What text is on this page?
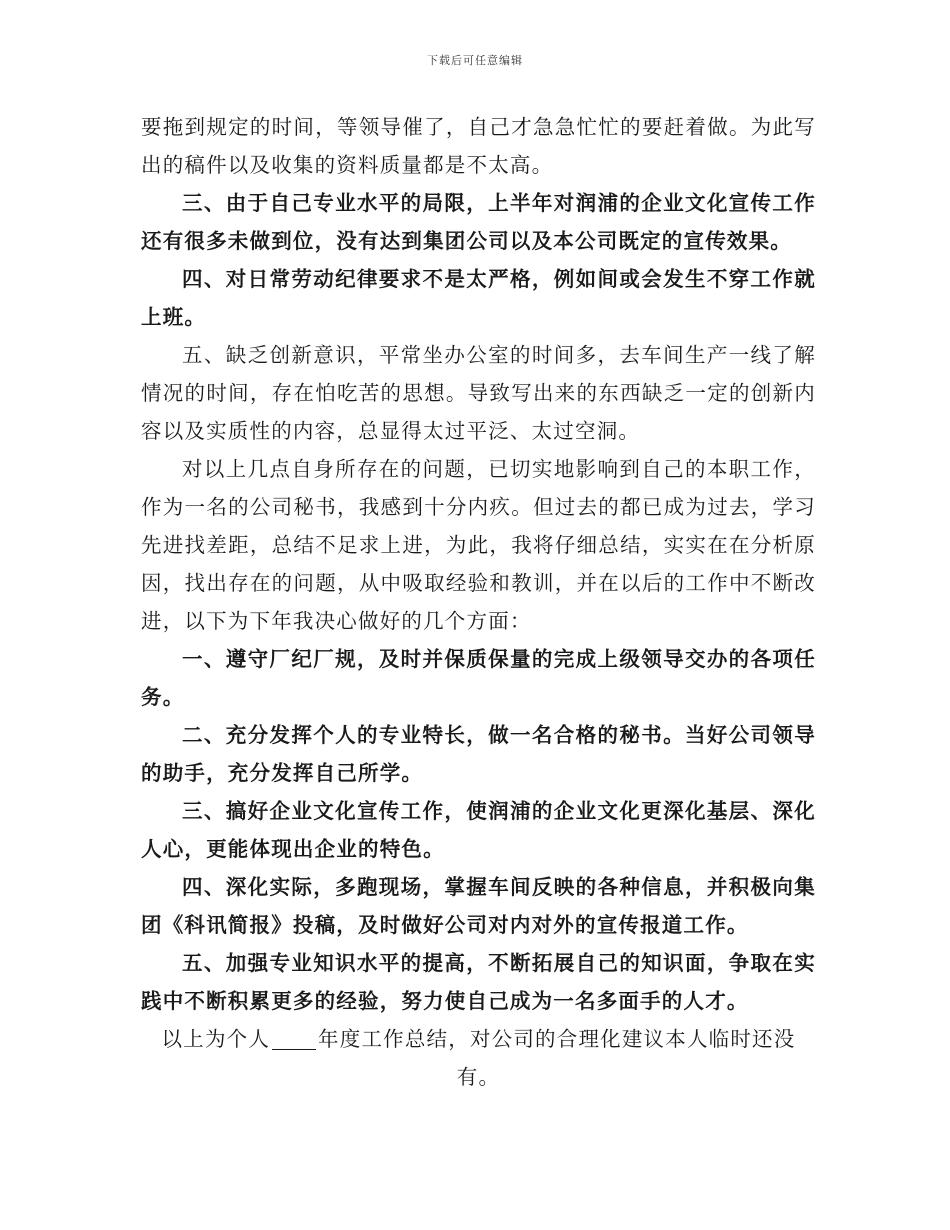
下载后可任意编辑

要拖到规定的时间，等领导催了，自己才急急忙忙的要赶着做。为此写出的稿件以及收集的资料质量都是不太高。

三、由于自己专业水平的局限，上半年对润浦的企业文化宣传工作还有很多未做到位，没有达到集团公司以及本公司既定的宣传效果。

四、对日常劳动纪律要求不是太严格，例如间或会发生不穿工作就上班。

五、缺乏创新意识，平常坐办公室的时间多，去车间生产一线了解情况的时间，存在怕吃苦的思想。导致写出来的东西缺乏一定的创新内容以及实质性的内容，总显得太过平泛、太过空洞。

对以上几点自身所存在的问题，已切实地影响到自己的本职工作，作为一名的公司秘书，我感到十分内疚。但过去的都已成为过去，学习先进找差距，总结不足求上进，为此，我将仔细总结，实实在在分析原因，找出存在的问题，从中吸取经验和教训，并在以后的工作中不断改进，以下为下年我决心做好的几个方面：

一、遵守厂纪厂规，及时并保质保量的完成上级领导交办的各项任务。

二、充分发挥个人的专业特长，做一名合格的秘书。当好公司领导的助手，充分发挥自己所学。

三、搞好企业文化宣传工作，使润浦的企业文化更深化基层、深化人心，更能体现出企业的特色。

四、深化实际，多跑现场，掌握车间反映的各种信息，并积极向集团《科讯简报》投稿，及时做好公司对内对外的宣传报道工作。

五、加强专业知识水平的提高，不断拓展自己的知识面，争取在实践中不断积累更多的经验，努力使自己成为一名多面手的人才。

以上为个人 年度工作总结，对公司的合理化建议本人临时还没有。
